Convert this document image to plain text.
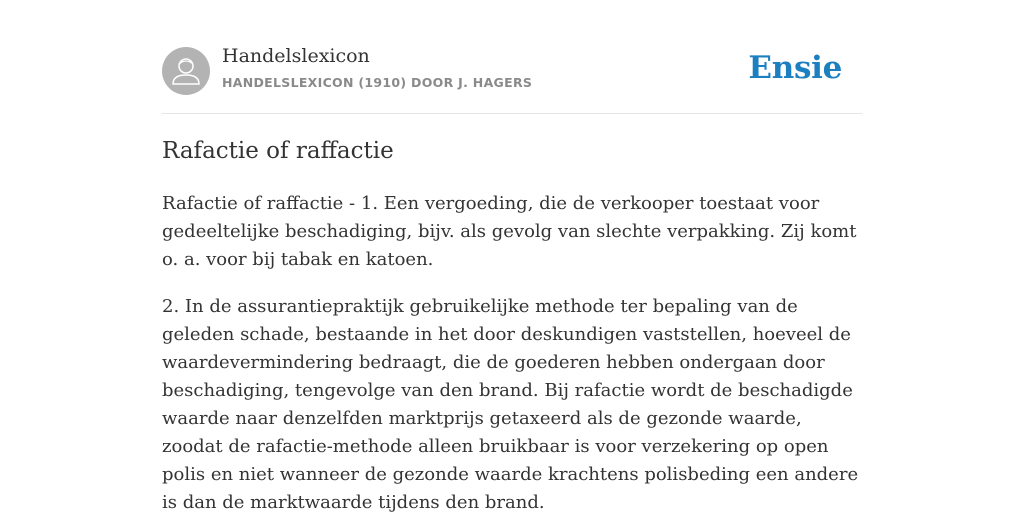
Handelslexicon
HANDELSLEXICON (1910) DOOR J. HAGERS	Ensie
Rafactie of raffactie

Rafactie of raffactie - 1. Een vergoeding, die de verkooper toestaat voor gedeeltelijke beschadiging, bijv. als gevolg van slechte verpakking. Zij komt o. a. voor bij tabak en katoen.

2. In de assurantiepraktijk gebruikelijke methode ter bepaling van de geleden schade, bestaande in het door deskundigen vaststellen, hoeveel de waardevermindering bedraagt, die de goederen hebben ondergaan door beschadiging, tengevolge van den brand. Bij rafactie wordt de beschadigde waarde naar denzelfden marktprijs getaxeerd als de gezonde waarde, zoodat de rafactie-methode alleen bruikbaar is voor verzekering op open polis en niet wanneer de gezonde waarde krachtens polisbeding een andere is dan de marktwaarde tijdens den brand.
